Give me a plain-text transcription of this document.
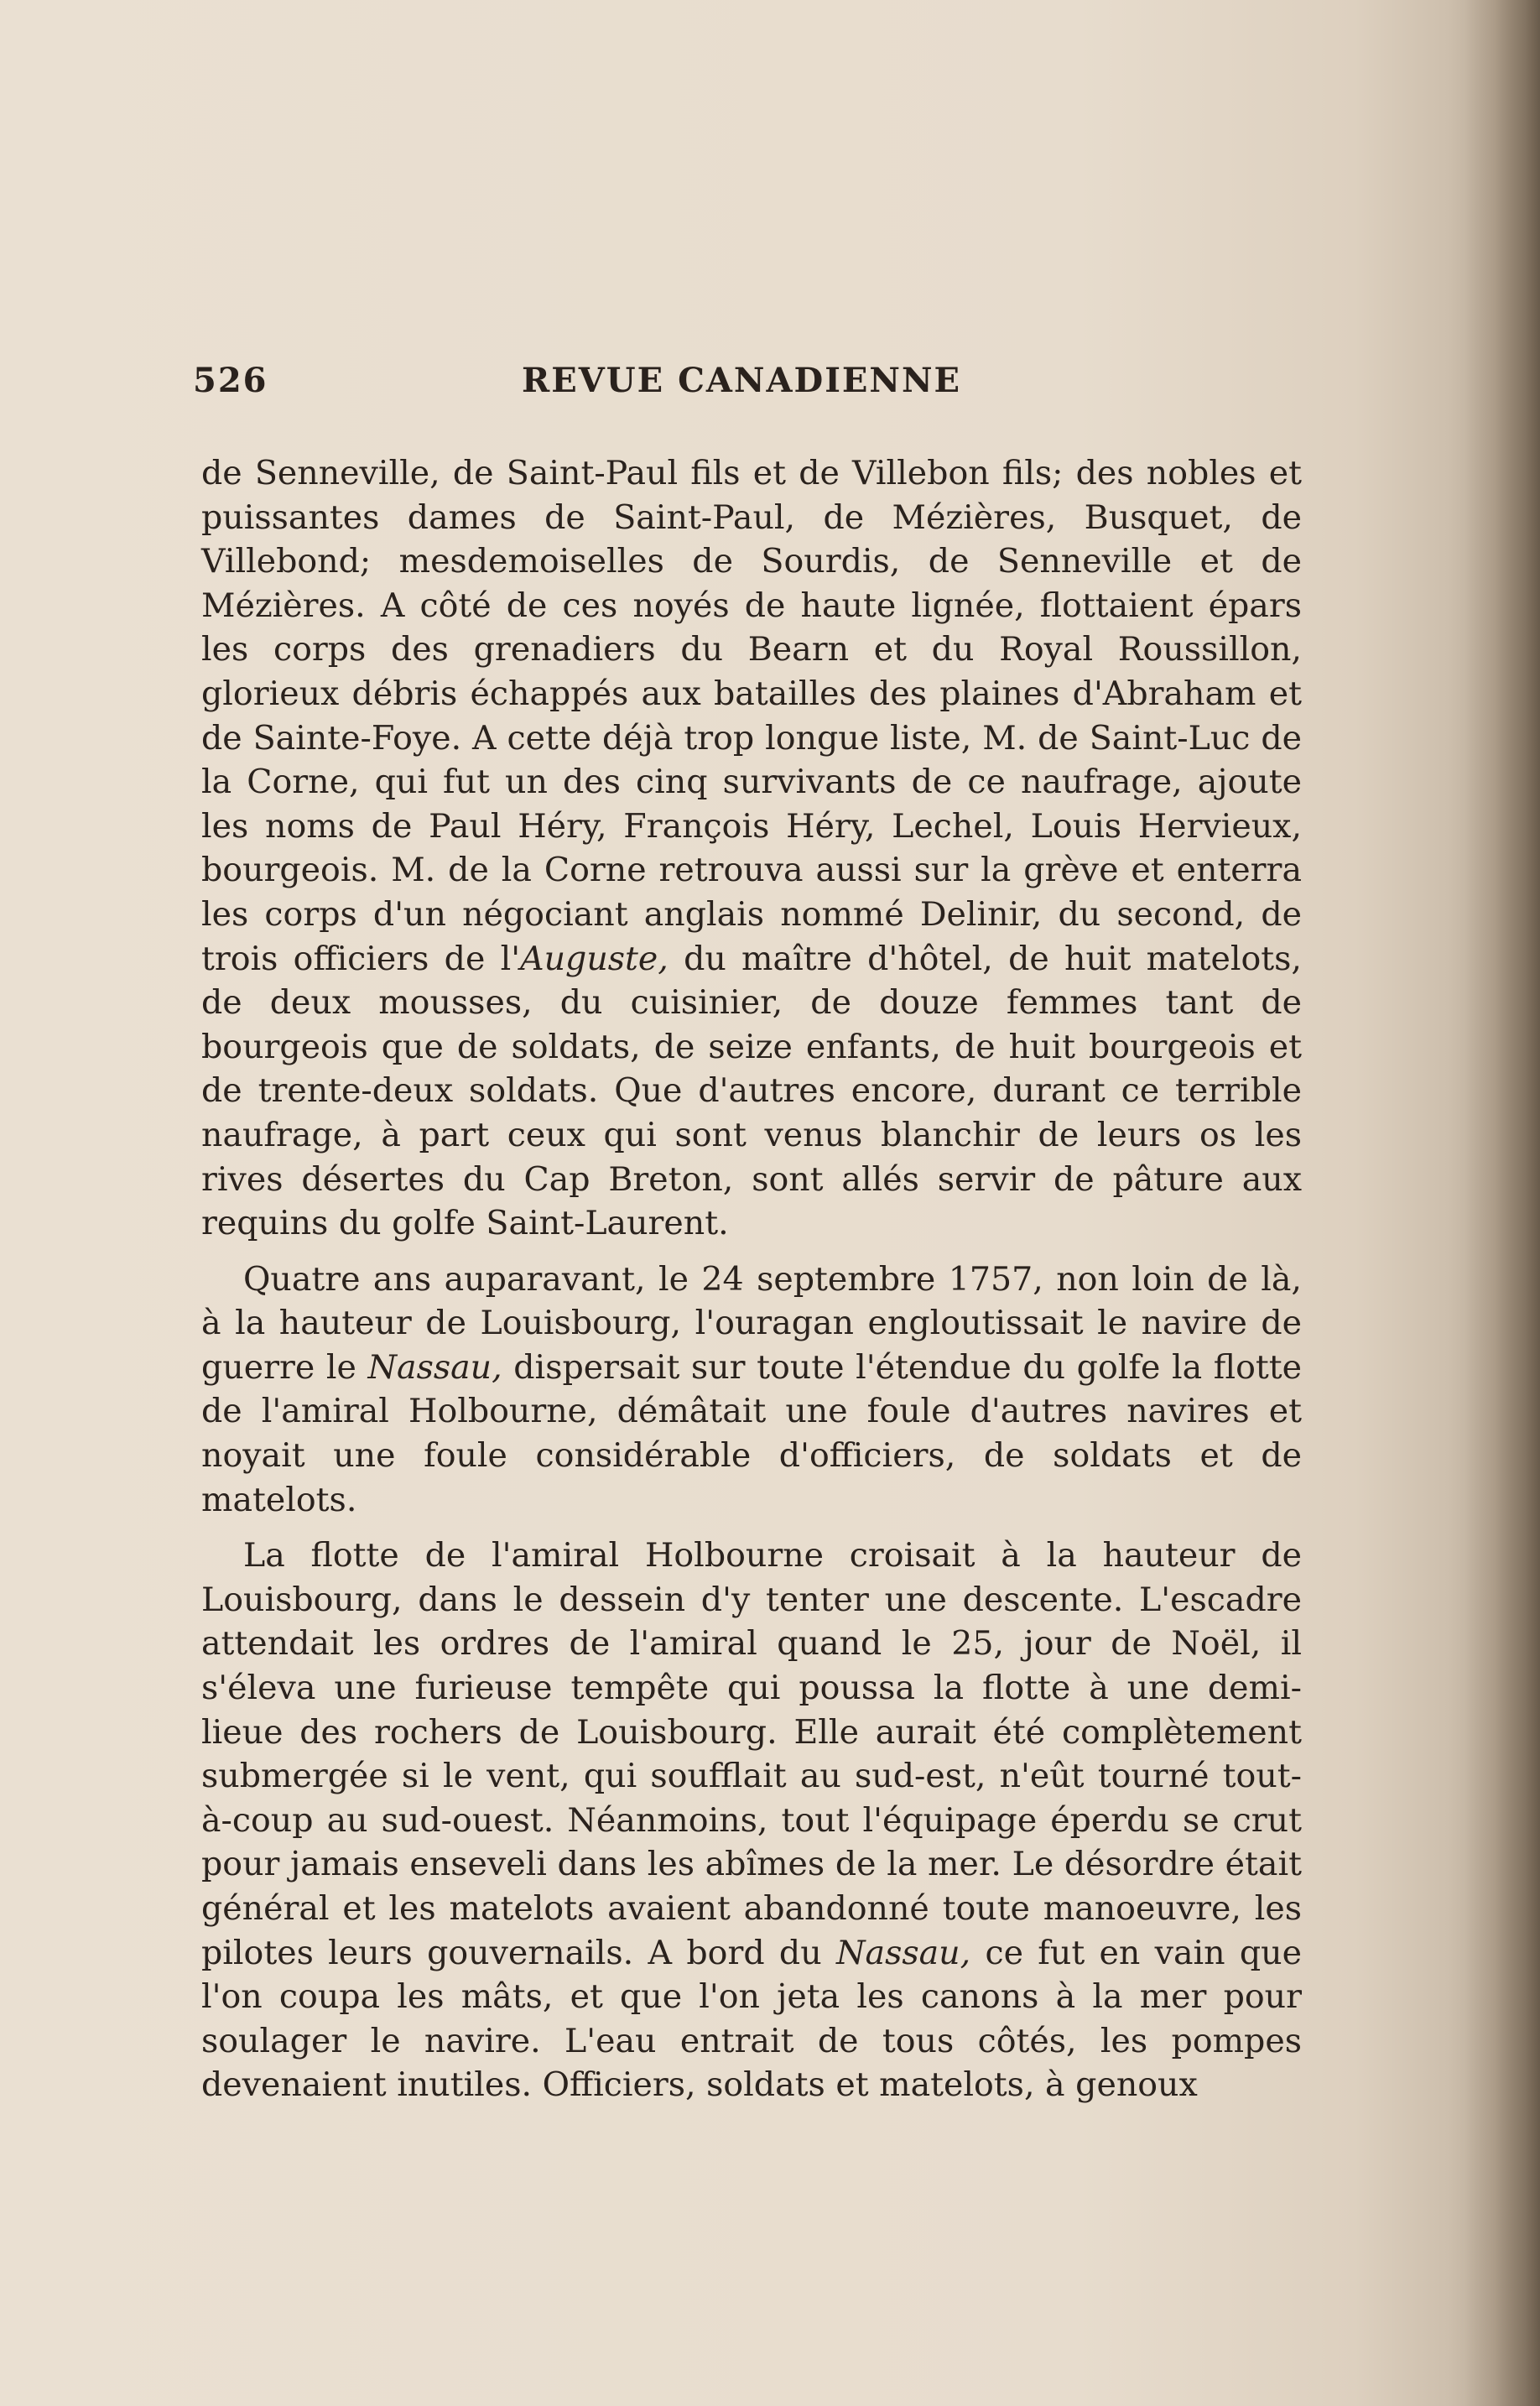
526	REVUE CANADIENNE

de Senneville, de Saint-Paul fils et de Villebon fils; des nobles et puissantes dames de Saint-Paul, de Mézières, Busquet, de Villebond; mesdemoiselles de Sourdis, de Senneville et de Mézières. A côté de ces noyés de haute lignée, flottaient épars les corps des grenadiers du Bearn et du Royal Roussillon, glorieux débris échappés aux batailles des plaines d'Abraham et de Sainte-Foye. A cette déjà trop longue liste, M. de Saint-Luc de la Corne, qui fut un des cinq survivants de ce naufrage, ajoute les noms de Paul Héry, François Héry, Lechel, Louis Hervieux, bourgeois. M. de la Corne retrouva aussi sur la grève et enterra les corps d'un négociant anglais nommé Delinir, du second, de trois officiers de l'Auguste, du maître d'hôtel, de huit matelots, de deux mousses, du cuisinier, de douze femmes tant de bourgeois que de soldats, de seize enfants, de huit bourgeois et de trente-deux soldats. Que d'autres encore, durant ce terrible naufrage, à part ceux qui sont venus blanchir de leurs os les rives désertes du Cap Breton, sont allés servir de pâture aux requins du golfe Saint-Laurent.

Quatre ans auparavant, le 24 septembre 1757, non loin de là, à la hauteur de Louisbourg, l'ouragan engloutissait le navire de guerre le Nassau, dispersait sur toute l'étendue du golfe la flotte de l'amiral Holbourne, démâtait une foule d'autres navires et noyait une foule considérable d'officiers, de soldats et de matelots.

La flotte de l'amiral Holbourne croisait à la hauteur de Louisbourg, dans le dessein d'y tenter une descente. L'escadre attendait les ordres de l'amiral quand le 25, jour de Noël, il s'éleva une furieuse tempête qui poussa la flotte à une demi-lieue des rochers de Louisbourg. Elle aurait été complètement submergée si le vent, qui soufflait au sud-est, n'eût tourné tout-à-coup au sud-ouest. Néanmoins, tout l'équipage éperdu se crut pour jamais enseveli dans les abîmes de la mer. Le désordre était général et les matelots avaient abandonné toute manoeuvre, les pilotes leurs gouvernails. A bord du Nassau, ce fut en vain que l'on coupa les mâts, et que l'on jeta les canons à la mer pour soulager le navire. L'eau entrait de tous côtés, les pompes devenaient inutiles. Officiers, soldats et matelots, à genoux
